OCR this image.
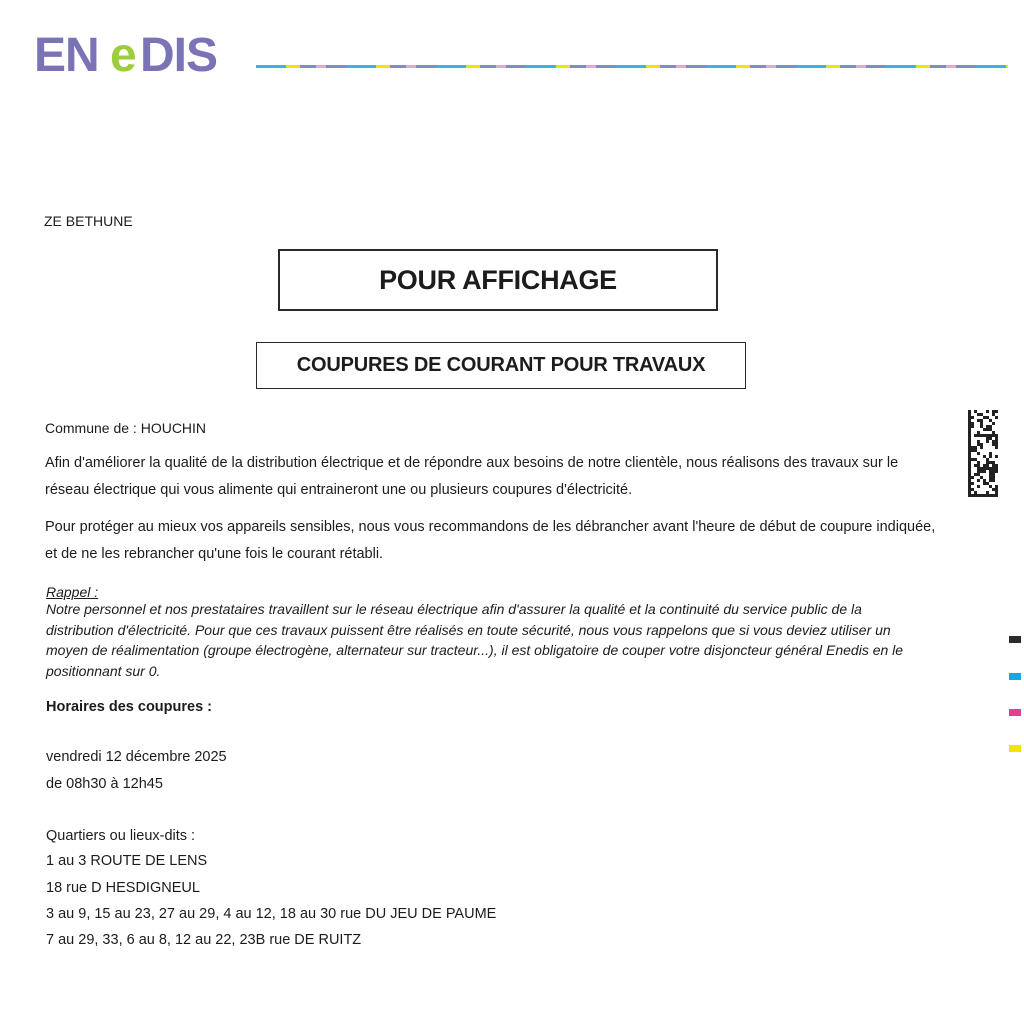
EN e DIS
ZE BETHUNE
POUR AFFICHAGE
COUPURES DE COURANT POUR TRAVAUX
Commune de : HOUCHIN
Afin d'améliorer la qualité de la distribution électrique et de répondre aux besoins de notre clientèle, nous réalisons des travaux sur le réseau électrique qui vous alimente qui entraineront une ou plusieurs coupures d'électricité.
Pour protéger au mieux vos appareils sensibles, nous vous recommandons de les débrancher avant l'heure de début de coupure indiquée, et de ne les rebrancher qu'une fois le courant rétabli.
Rappel :
Notre personnel et nos prestataires travaillent sur le réseau électrique afin d'assurer la qualité et la continuité du service public de la distribution d'électricité. Pour que ces travaux puissent être réalisés en toute sécurité, nous vous rappelons que si vous deviez utiliser un moyen de réalimentation (groupe électrogène, alternateur sur tracteur...), il est obligatoire de couper votre disjoncteur général Enedis en le positionnant sur 0.
Horaires des coupures :
vendredi 12 décembre 2025
de 08h30 à 12h45
Quartiers ou lieux-dits :
1 au 3 ROUTE DE LENS
18 rue D HESDIGNEUL
3 au 9, 15 au 23, 27 au 29, 4 au 12, 18 au 30 rue DU JEU DE PAUME
7 au 29, 33, 6 au 8, 12 au 22, 23B rue DE RUITZ
